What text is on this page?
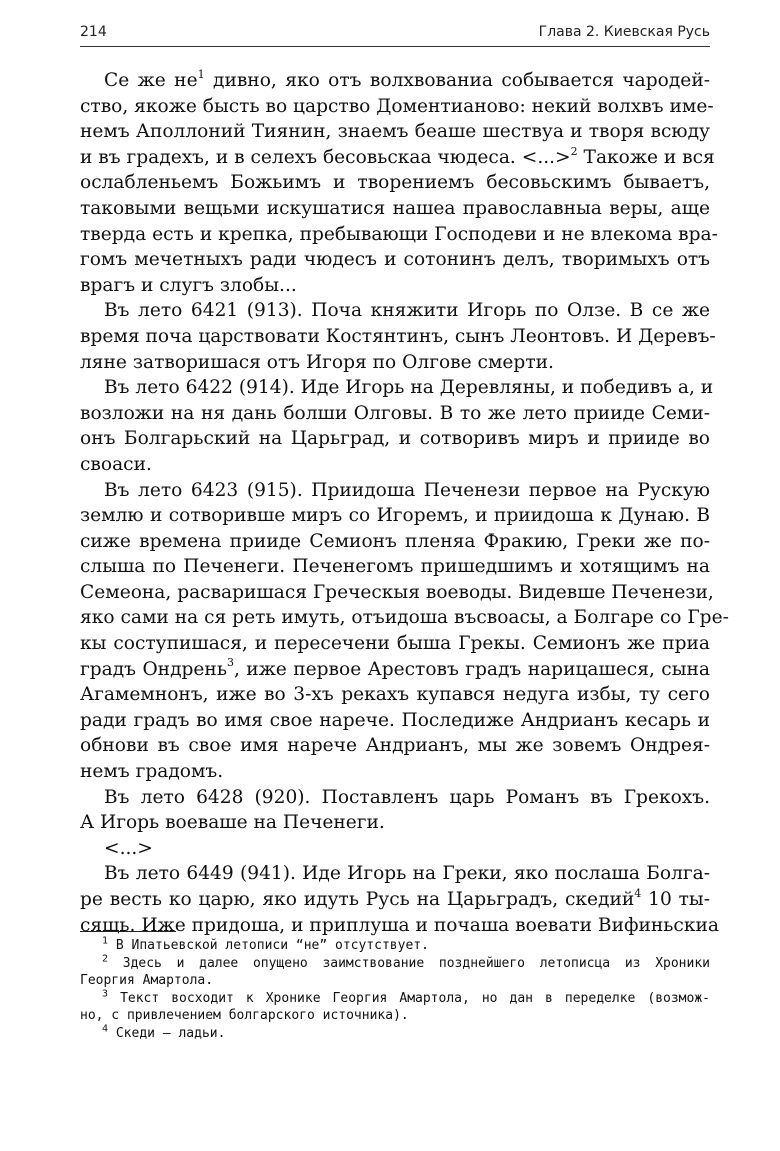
214	Глава 2. Киевская Русь
Се же не$^1$ дивно, яко отъ волхвованиа собывается чародей-
ство, якоже бысть во царство Доментианово: некий волхвъ име-
немъ Аполлоний Тиянин, знаемъ беаше шествуа и творя всюду
и въ градехъ, и в селехъ бесовьскаа чюдеса. <...>$^2$ Такоже и вся
ослабленьемъ Божьимъ и творениемъ бесовьскимъ бываетъ,
таковыми вещьми искушатися нашеа православныа веры, аще
тверда есть и крепка, пребывающи Господеви и не влекома вра-
гомъ мечетныхъ ради чюдесъ и сотонинъ делъ, творимыхъ отъ
врагъ и слугъ злобы...
Въ лето 6421 (913). Поча княжити Игорь по Олзе. В се же
время поча царствовати Костянтинъ, сынъ Леонтовъ. И Деревъ-
ляне затворишася отъ Игоря по Олгове смерти.
Въ лето 6422 (914). Иде Игорь на Деревляны, и победивъ а, и
возложи на ня дань болши Олговы. В то же лето прииде Семи-
онъ Болгарьский на Царьград, и сотворивъ миръ и прииде во
своаси.
Въ лето 6423 (915). Приидоша Печенези первое на Рускую
землю и сотворивше миръ со Игоремъ, и приидоша к Дунаю. В
сиже времена прииде Семионъ пленяа Фракию, Греки же по-
слыша по Печенеги. Печенегомъ пришедшимъ и хотящимъ на
Семеона, расваришася Греческыя воеводы. Видевше Печенези,
яко сами на ся реть имуть, отъидоша въсвоасы, а Болгаре со Гре-
кы соступишася, и пересечени быша Грекы. Семионъ же приа
градъ Ондрень$^3$, иже первое Арестовъ градъ нарицашеся, сына
Агамемнонъ, иже во 3-хъ рекахъ купався недуга избы, ту сего
ради градъ во имя свое нарече. Последиже Андрианъ кесарь и
обнови въ свое имя нарече Андрианъ, мы же зовемъ Ондрея-
немъ градомъ.
Въ лето 6428 (920). Поставленъ царь Романъ въ Грекохъ.
А Игорь воеваше на Печенеги.
<...>
Въ лето 6449 (941). Иде Игорь на Греки, яко послаша Болга-
ре весть ко царю, яко идуть Русь на Царьградъ, скедий$^4$ 10 ты-
сящь. Иже придоша, и приплуша и почаша воевати Вифиньскиа
$^1$ В Ипатьевской летописи “не” отсутствует.
$^2$ Здесь и далее опущено заимствование позднейшего летописца из Хроники
Георгия Амартола.
$^3$ Текст восходит к Хронике Георгия Амартола, но дан в переделке (возмож-
но, с привлечением болгарского источника).
$^4$ Скеди – ладьи.
